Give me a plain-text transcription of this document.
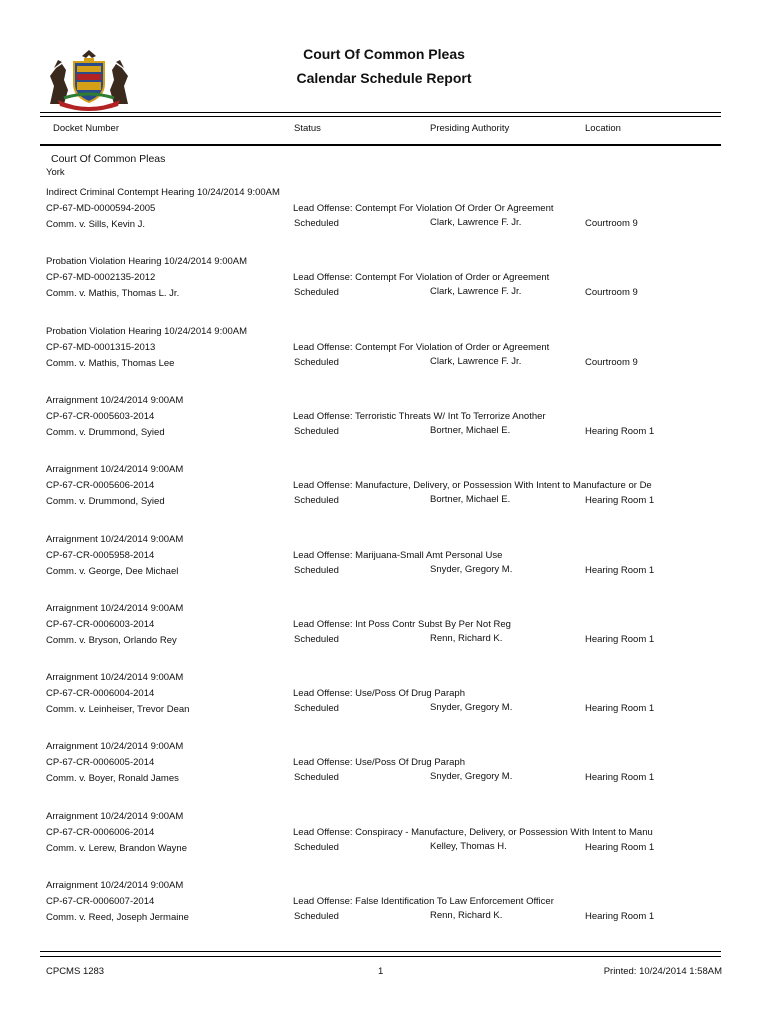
Court Of Common Pleas
Calendar Schedule Report
Docket Number	Status	Presiding Authority	Location
Court Of Common Pleas
York
Indirect Criminal Contempt Hearing 10/24/2014 9:00AM
CP-67-MD-0000594-2005
Comm. v. Sills, Kevin J.
Lead Offense: Contempt For Violation Of Order Or Agreement
Scheduled	Clark, Lawrence F. Jr.	Courtroom 9
Probation Violation Hearing 10/24/2014 9:00AM
CP-67-MD-0002135-2012
Comm. v. Mathis, Thomas L. Jr.
Lead Offense: Contempt For Violation of Order or Agreement
Scheduled	Clark, Lawrence F. Jr.	Courtroom 9
Probation Violation Hearing 10/24/2014 9:00AM
CP-67-MD-0001315-2013
Comm. v. Mathis, Thomas Lee
Lead Offense: Contempt For Violation of Order or Agreement
Scheduled	Clark, Lawrence F. Jr.	Courtroom 9
Arraignment 10/24/2014 9:00AM
CP-67-CR-0005603-2014
Comm. v. Drummond, Syied
Lead Offense: Terroristic Threats W/ Int To Terrorize Another
Scheduled	Bortner, Michael E.	Hearing Room 1
Arraignment 10/24/2014 9:00AM
CP-67-CR-0005606-2014
Comm. v. Drummond, Syied
Lead Offense: Manufacture, Delivery, or Possession With Intent to Manufacture or De
Scheduled	Bortner, Michael E.	Hearing Room 1
Arraignment 10/24/2014 9:00AM
CP-67-CR-0005958-2014
Comm. v. George, Dee Michael
Lead Offense: Marijuana-Small Amt Personal Use
Scheduled	Snyder, Gregory M.	Hearing Room 1
Arraignment 10/24/2014 9:00AM
CP-67-CR-0006003-2014
Comm. v. Bryson, Orlando Rey
Lead Offense: Int Poss Contr Subst By Per Not Reg
Scheduled	Renn, Richard K.	Hearing Room 1
Arraignment 10/24/2014 9:00AM
CP-67-CR-0006004-2014
Comm. v. Leinheiser, Trevor Dean
Lead Offense: Use/Poss Of Drug Paraph
Scheduled	Snyder, Gregory M.	Hearing Room 1
Arraignment 10/24/2014 9:00AM
CP-67-CR-0006005-2014
Comm. v. Boyer, Ronald James
Lead Offense: Use/Poss Of Drug Paraph
Scheduled	Snyder, Gregory M.	Hearing Room 1
Arraignment 10/24/2014 9:00AM
CP-67-CR-0006006-2014
Comm. v. Lerew, Brandon Wayne
Lead Offense: Conspiracy - Manufacture, Delivery, or Possession With Intent to Manu
Scheduled	Kelley, Thomas H.	Hearing Room 1
Arraignment 10/24/2014 9:00AM
CP-67-CR-0006007-2014
Comm. v. Reed, Joseph Jermaine
Lead Offense: False Identification To Law Enforcement Officer
Scheduled	Renn, Richard K.	Hearing Room 1
CPCMS 1283	1	Printed: 10/24/2014 1:58AM
